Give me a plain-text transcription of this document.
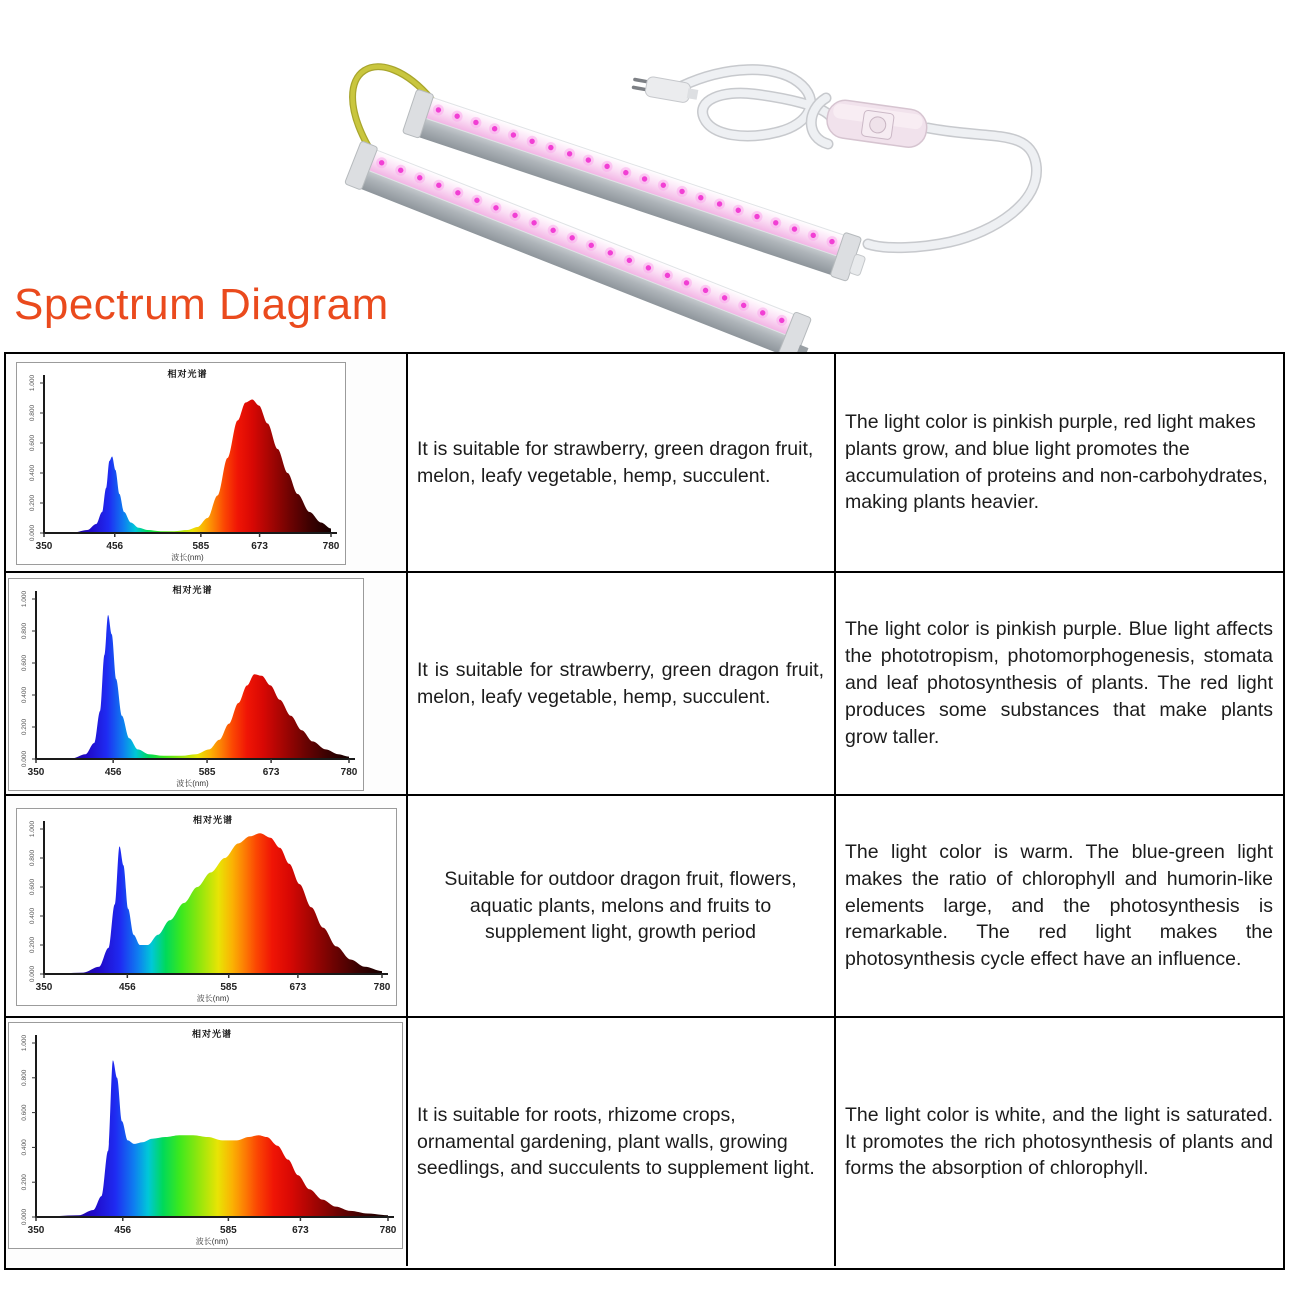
Spectrum Diagram
0.000
0.200
0.400
0.600
0.800
1.000
350	456	585	673	780
相对光谱
波长(nm)

It is suitable for strawberry, green dragon fruit, melon, leafy vegetable, hemp, succulent.

The light color is pinkish purple, red light makes plants grow, and blue light promotes the accumulation of proteins and non-carbohydrates, making plants heavier.

0.000
0.200
0.400
0.600
0.800
1.000
350	456	585	673	780
相对光谱
波长(nm)

It is suitable for strawberry, green dragon fruit, melon, leafy vegetable, hemp, succulent.

The light color is pinkish purple. Blue light affects the phototropism, photomorphogenesis, stomata and leaf photosynthesis of plants. The red light produces some substances that make plants grow taller.

0.000
0.200
0.400
0.600
0.800
1.000
350	456	585	673	780
相对光谱
波长(nm)

Suitable for outdoor dragon fruit, flowers, aquatic plants, melons and fruits to supplement light, growth period

The light color is warm. The blue-green light makes the ratio of chlorophyll and humorin-like elements large, and the photosynthesis is remarkable. The red light makes the photosynthesis cycle effect have an influence.

0.000
0.200
0.400
0.600
0.800
1.000
350	456	585	673	780
相对光谱
波长(nm)

It is suitable for roots, rhizome crops, ornamental gardening, plant walls, growing seedlings, and succulents to supplement light.

The light color is white, and the light is saturated. It promotes the rich photosynthesis of plants and forms the absorption of chlorophyll.
